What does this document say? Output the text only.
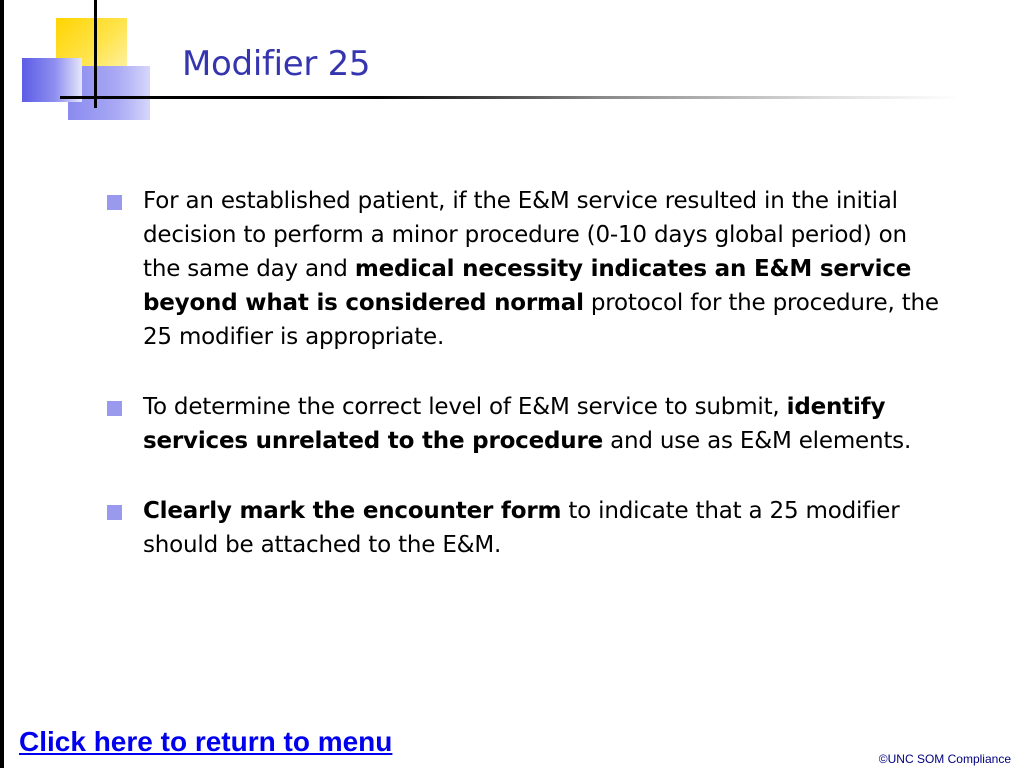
Modifier 25
For an established patient, if the E&M service resulted in the initial decision to perform a minor procedure (0-10 days global period) on the same day and medical necessity indicates an E&M service beyond what is considered normal protocol for the procedure, the 25 modifier is appropriate.
To determine the correct level of E&M service to submit, identify services unrelated to the procedure and use as E&M elements.
Clearly mark the encounter form to indicate that a 25 modifier should be attached to the E&M.
Click here to return to menu
©UNC SOM Compliance
